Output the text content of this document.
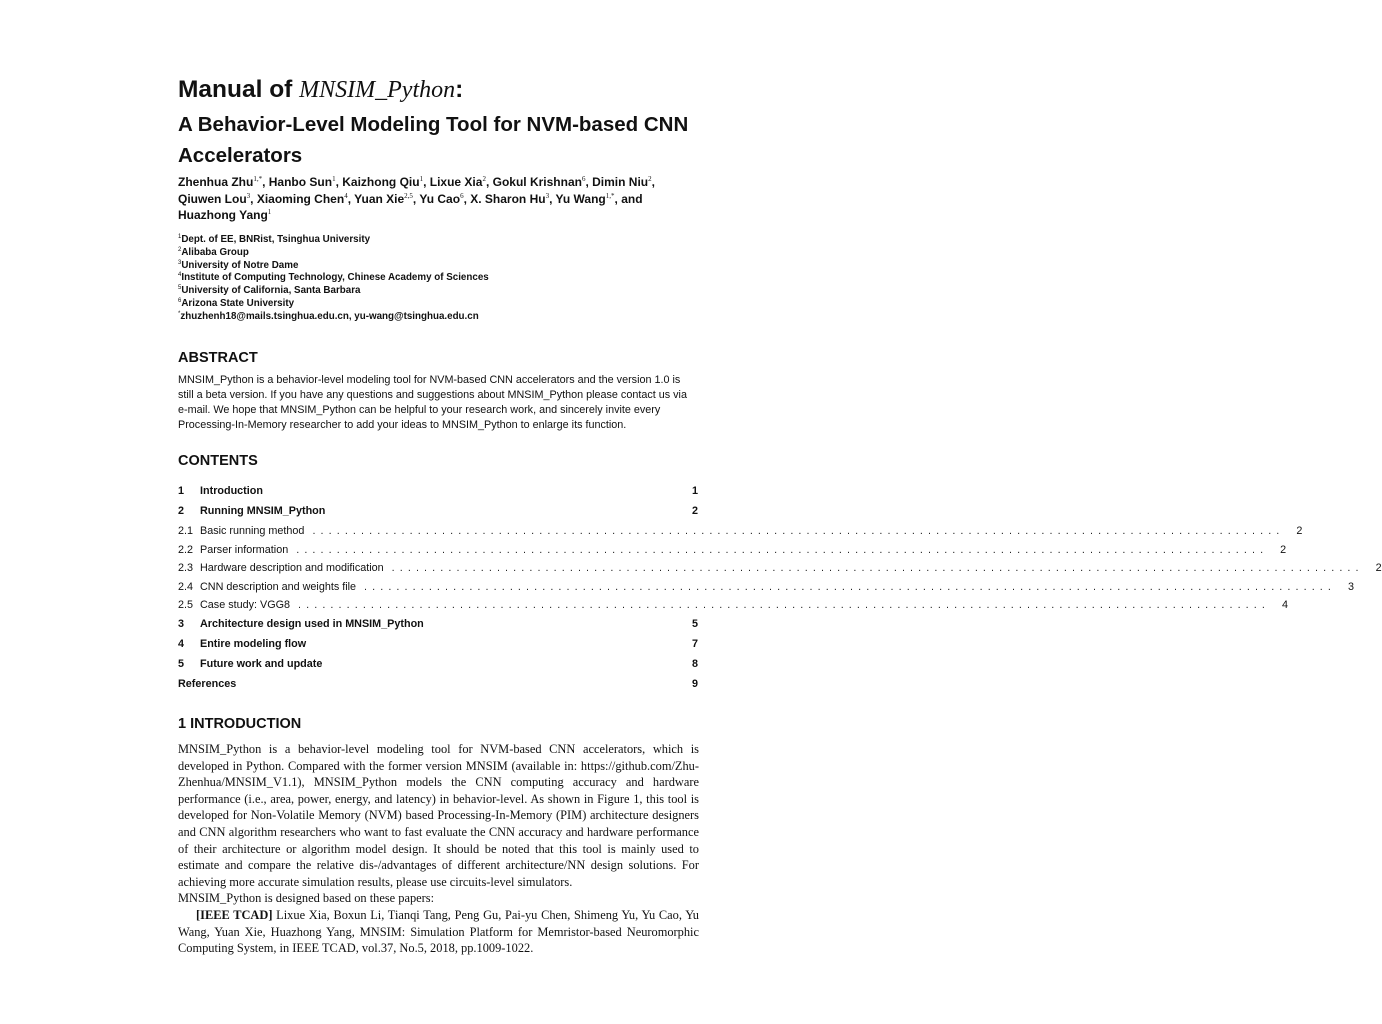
Manual of MNSIM_Python:
A Behavior-Level Modeling Tool for NVM-based CNN Accelerators
Zhenhua Zhu$^{1,*}$, Hanbo Sun$^1$, Kaizhong Qiu$^1$, Lixue Xia$^2$, Gokul Krishnan$^6$, Dimin Niu$^2$, Qiuwen Lou$^3$, Xiaoming Chen$^4$, Yuan Xie$^{2,5}$, Yu Cao$^6$, X. Sharon Hu$^3$, Yu Wang$^{1,*}$, and Huazhong Yang$^1$
$^1$Dept. of EE, BNRist, Tsinghua University
$^2$Alibaba Group
$^3$University of Notre Dame
$^4$Institute of Computing Technology, Chinese Academy of Sciences
$^5$University of California, Santa Barbara
$^6$Arizona State University
*zhuzhenh18@mails.tsinghua.edu.cn, yu-wang@tsinghua.edu.cn
ABSTRACT
MNSIM_Python is a behavior-level modeling tool for NVM-based CNN accelerators and the version 1.0 is still a beta version. If you have any questions and suggestions about MNSIM_Python please contact us via e-mail. We hope that MNSIM_Python can be helpful to your research work, and sincerely invite every Processing-In-Memory researcher to add your ideas to MNSIM_Python to enlarge its function.
CONTENTS
1	Introduction	1
2	Running MNSIM_Python	2
2.1 Basic running method ........................................................................................................................	2
2.2 Parser information ........................................................................................................................	2
2.3 Hardware description and modification ........................................................................................................................	2
2.4 CNN description and weights file ........................................................................................................................	3
2.5 Case study: VGG8 ........................................................................................................................	4
3	Architecture design used in MNSIM_Python	5
4	Entire modeling flow	7
5	Future work and update	8
References	9
1 INTRODUCTION

MNSIM_Python is a behavior-level modeling tool for NVM-based CNN accelerators, which is developed in Python. Compared with the former version MNSIM (available in: https://github.com/Zhu-Zhenhua/MNSIM_V1.1), MNSIM_Python models the CNN computing accuracy and hardware performance (i.e., area, power, energy, and latency) in behavior-level. As shown in Figure 1, this tool is developed for Non-Volatile Memory (NVM) based Processing-In-Memory (PIM) architecture designers and CNN algorithm researchers who want to fast evaluate the CNN accuracy and hardware performance of their architecture or algorithm model design. It should be noted that this tool is mainly used to estimate and compare the relative dis-/advantages of different architecture/NN design solutions. For achieving more accurate simulation results, please use circuits-level simulators.

MNSIM_Python is designed based on these papers:

[IEEE TCAD] Lixue Xia, Boxun Li, Tianqi Tang, Peng Gu, Pai-yu Chen, Shimeng Yu, Yu Cao, Yu Wang, Yuan Xie, Huazhong Yang, MNSIM: Simulation Platform for Memristor-based Neuromorphic Computing System, in IEEE TCAD, vol.37, No.5, 2018, pp.1009-1022.
